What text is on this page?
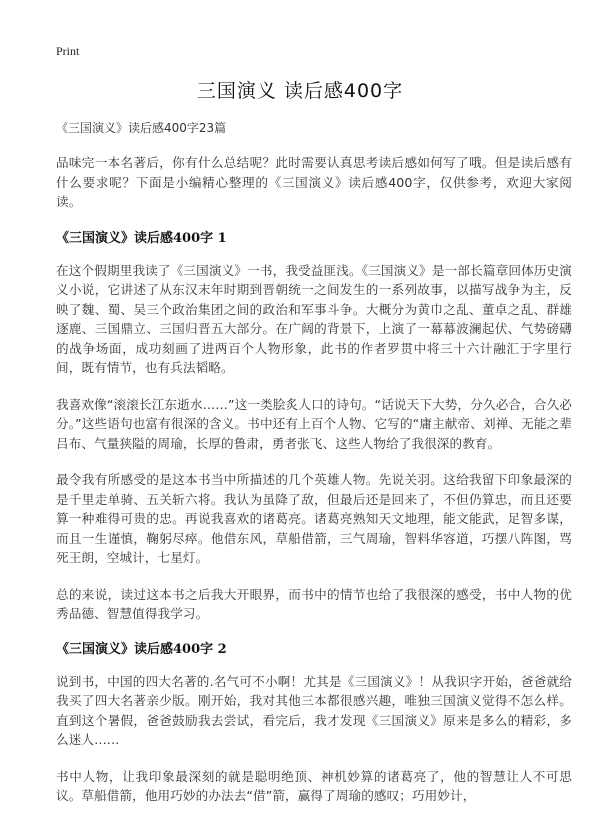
Print
三国演义 读后感400字
《三国演义》读后感400字23篇

品味完一本名著后，你有什么总结呢？此时需要认真思考读后感如何写了哦。但是读后感有什么要求呢？下面是小编精心整理的《三国演义》读后感400字，仅供参考，欢迎大家阅读。

《三国演义》读后感400字 1

在这个假期里我读了《三国演义》一书，我受益匪浅。《三国演义》是一部长篇章回体历史演义小说，它讲述了从东汉末年时期到晋朝统一之间发生的一系列故事，以描写战争为主，反映了魏、蜀、吴三个政治集团之间的政治和军事斗争。大概分为黄巾之乱、董卓之乱、群雄逐鹿、三国鼎立、三国归晋五大部分。在广阔的背景下，上演了一幕幕波澜起伏、气势磅礴的战争场面，成功刻画了进两百个人物形象，此书的作者罗贯中将三十六计融汇于字里行间，既有情节，也有兵法韬略。

我喜欢像“滚滚长江东逝水……”这一类脍炙人口的诗句。“话说天下大势，分久必合，合久必分。”这些语句也富有很深的含义。书中还有上百个人物、它写的“庸主献帝、刘禅、无能之辈吕布、气量狭隘的周瑜，长厚的鲁肃，勇者张飞、这些人物给了我很深的教育。

最令我有所感受的是这本书当中所描述的几个英雄人物。先说关羽。这给我留下印象最深的是千里走单骑、五关斩六将。我认为虽降了敌，但最后还是回来了，不但仍算忠，而且还要算一种难得可贵的忠。再说我喜欢的诸葛亮。诸葛亮熟知天文地理，能文能武，足智多谋，而且一生谨慎，鞠躬尽瘁。他借东风，草船借箭，三气周瑜，智料华容道，巧摆八阵图，骂死王朗，空城计，七星灯。

总的来说，读过这本书之后我大开眼界，而书中的情节也给了我很深的感受，书中人物的优秀品德、智慧值得我学习。

《三国演义》读后感400字 2

说到书，中国的四大名著的.名气可不小啊！尤其是《三国演义》！从我识字开始，爸爸就给我买了四大名著亲少版。刚开始，我对其他三本都很感兴趣，唯独三国演义觉得不怎么样。直到这个暑假，爸爸鼓励我去尝试，看完后，我才发现《三国演义》原来是多么的精彩，多么迷人……

书中人物，让我印象最深刻的就是聪明绝顶、神机妙算的诸葛亮了，他的智慧让人不可思议。草船借箭，他用巧妙的办法去“借”箭，赢得了周瑜的感叹；巧用妙计，
